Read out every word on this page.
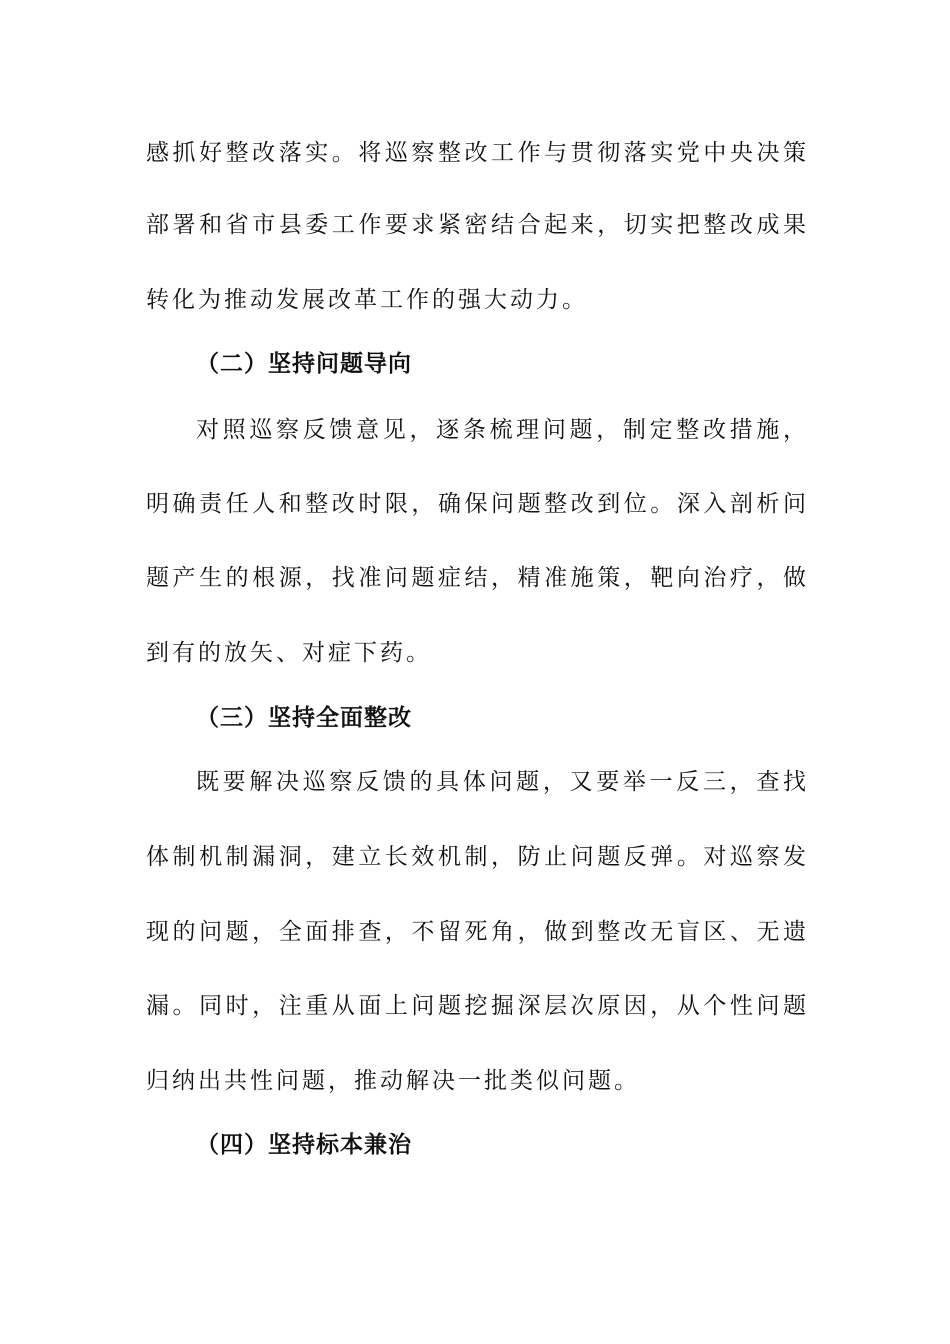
感抓好整改落实。将巡察整改工作与贯彻落实党中央决策
部署和省市县委工作要求紧密结合起来，切实把整改成果
转化为推动发展改革工作的强大动力。
（二）坚持问题导向
对照巡察反馈意见，逐条梳理问题，制定整改措施，
明确责任人和整改时限，确保问题整改到位。深入剖析问
题产生的根源，找准问题症结，精准施策，靶向治疗，做
到有的放矢、对症下药。
（三）坚持全面整改
既要解决巡察反馈的具体问题，又要举一反三，查找
体制机制漏洞，建立长效机制，防止问题反弹。对巡察发
现的问题，全面排查，不留死角，做到整改无盲区、无遗
漏。同时，注重从面上问题挖掘深层次原因，从个性问题
归纳出共性问题，推动解决一批类似问题。
（四）坚持标本兼治
